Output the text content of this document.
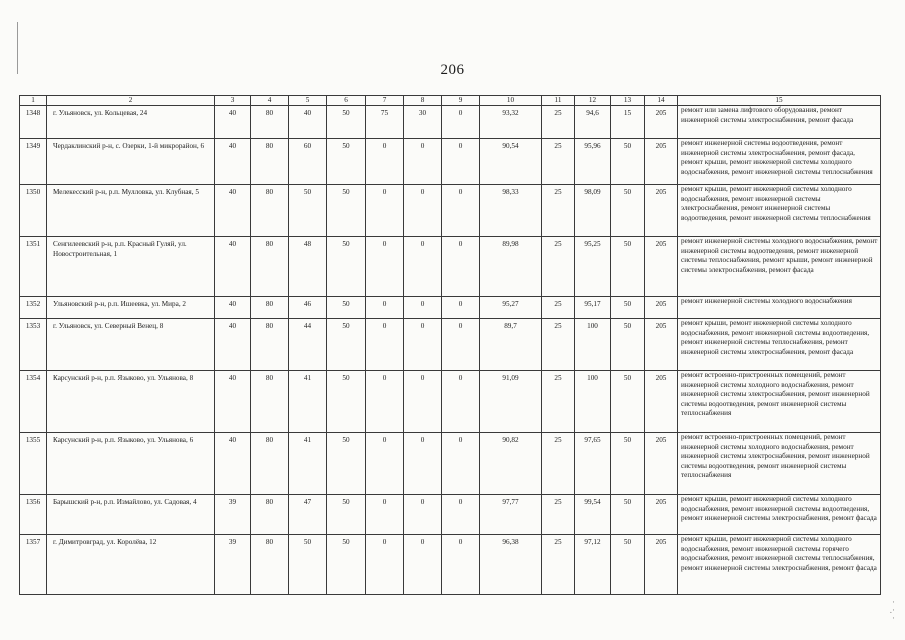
206
1	2	3	4	5	6	7	8	9	10	11	12	13	14	15
1348	г. Ульяновск, ул. Кольцевая, 24	40	80	40	50	75	30	0	93,32	25	94,6	15	205	ремонт или замена лифтового оборудования, ремонт инженерной системы электроснабжения, ремонт фасада
1349	Чердаклинский р-н, с. Озерки, 1-й микрорайон, 6	40	80	60	50	0	0	0	90,54	25	95,96	50	205	ремонт инженерной системы водоотведения, ремонт инженерной системы электроснабжения, ремонт фасада, ремонт крыши, ремонт инженерной системы холодного водоснабжения, ремонт инженерной системы теплоснабжения
1350	Мелекесский р-н, р.п. Мулловка, ул. Клубная, 5	40	80	50	50	0	0	0	98,33	25	98,09	50	205	ремонт крыши, ремонт инженерной системы холодного водоснабжения, ремонт инженерной системы электроснабжения, ремонт инженерной системы водоотведения, ремонт инженерной системы теплоснабжения
1351	Сенгилеевский р-н, р.п. Красный Гуляй, ул. Новостроительная, 1	40	80	48	50	0	0	0	89,98	25	95,25	50	205	ремонт инженерной системы холодного водоснабжения, ремонт инженерной системы водоотведения, ремонт инженерной системы теплоснабжения, ремонт крыши, ремонт инженерной системы электроснабжения, ремонт фасада
1352	Ульяновский р-н, р.п. Ишеевка, ул. Мира, 2	40	80	46	50	0	0	0	95,27	25	95,17	50	205	ремонт инженерной системы холодного водоснабжения
1353	г. Ульяновск, ул. Северный Венец, 8	40	80	44	50	0	0	0	89,7	25	100	50	205	ремонт крыши, ремонт инженерной системы холодного водоснабжения, ремонт инженерной системы водоотведения, ремонт инженерной системы теплоснабжения, ремонт инженерной системы электроснабжения, ремонт фасада
1354	Карсунский р-н, р.п. Языково, ул. Ульянова, 8	40	80	41	50	0	0	0	91,09	25	100	50	205	ремонт встроенно-пристроенных помещений, ремонт инженерной системы холодного водоснабжения, ремонт инженерной системы электроснабжения, ремонт инженерной системы водоотведения, ремонт инженерной системы теплоснабжения
1355	Карсунский р-н, р.п. Языково, ул. Ульянова, 6	40	80	41	50	0	0	0	90,82	25	97,65	50	205	ремонт встроенно-пристроенных помещений, ремонт инженерной системы холодного водоснабжения, ремонт инженерной системы электроснабжения, ремонт инженерной системы водоотведения, ремонт инженерной системы теплоснабжения
1356	Барышский р-н, р.п. Измайлово, ул. Садовая, 4	39	80	47	50	0	0	0	97,77	25	99,54	50	205	ремонт крыши, ремонт инженерной системы холодного водоснабжения, ремонт инженерной системы водоотведения, ремонт инженерной системы электроснабжения, ремонт фасада
1357	г. Димитровград, ул. Королёва, 12	39	80	50	50	0	0	0	96,38	25	97,12	50	205	ремонт крыши, ремонт инженерной системы холодного водоснабжения, ремонт инженерной системы горячего водоснабжения, ремонт инженерной системы теплоснабжения, ремонт инженерной системы электроснабжения, ремонт фасада
·
.·
·
